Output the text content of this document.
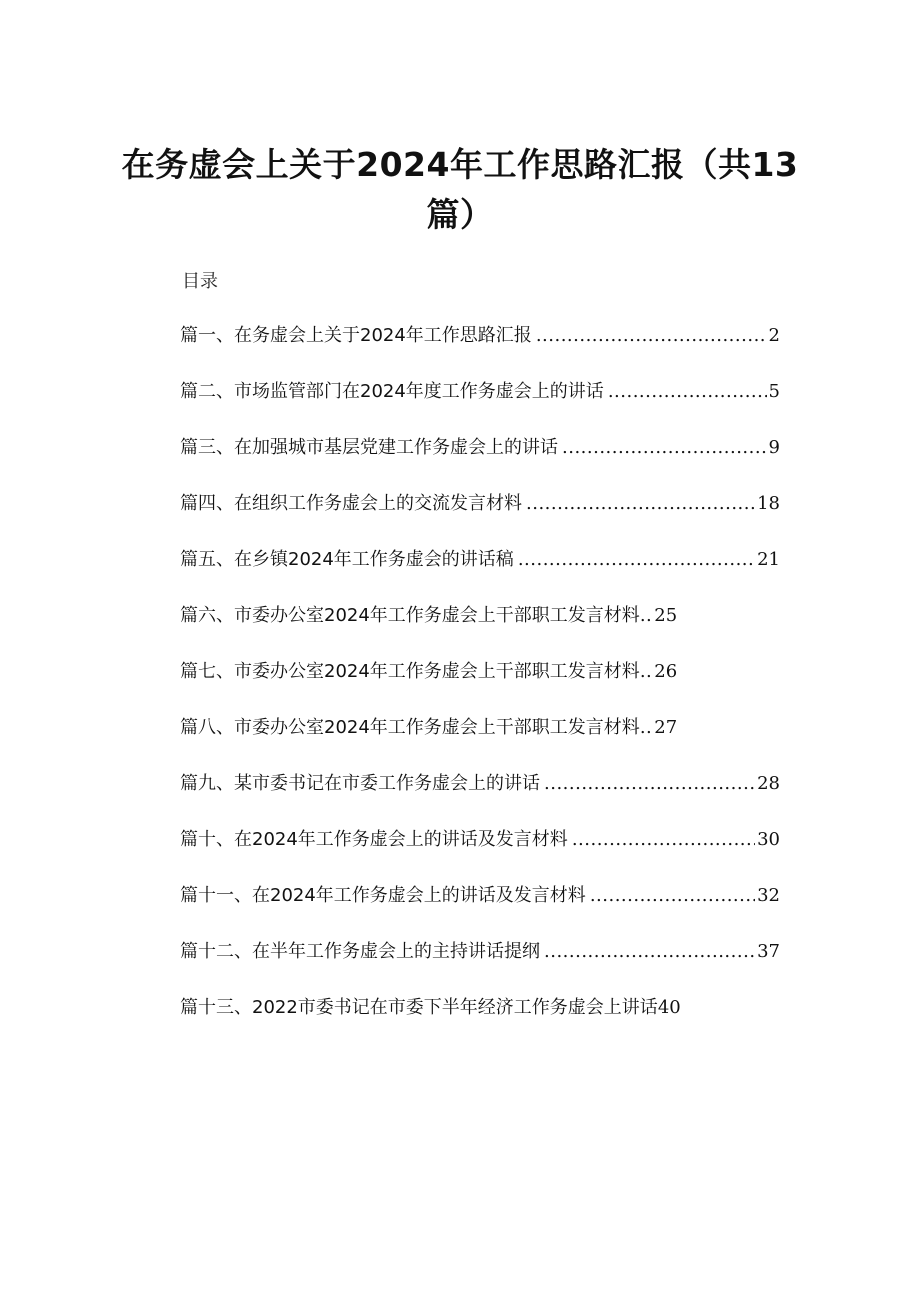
在务虚会上关于2024年工作思路汇报（共13篇）
目录
篇一、在务虚会上关于2024年工作思路汇报 .....	2
篇二、市场监管部门在2024年度工作务虚会上的讲话 .....	5
篇三、在加强城市基层党建工作务虚会上的讲话 .....	9
篇四、在组织工作务虚会上的交流发言材料 .....	18
篇五、在乡镇2024年工作务虚会的讲话稿 .....	21
篇六、市委办公室2024年工作务虚会上干部职工发言材料 .. 25
篇七、市委办公室2024年工作务虚会上干部职工发言材料 .. 26
篇八、市委办公室2024年工作务虚会上干部职工发言材料 .. 27
篇九、某市委书记在市委工作务虚会上的讲话 .....	28
篇十、在2024年工作务虚会上的讲话及发言材料 .....	30
篇十一、在2024年工作务虚会上的讲话及发言材料 .....	32
篇十二、在半年工作务虚会上的主持讲话提纲 .....	37
篇十三、2022市委书记在市委下半年经济工作务虚会上讲话 40
